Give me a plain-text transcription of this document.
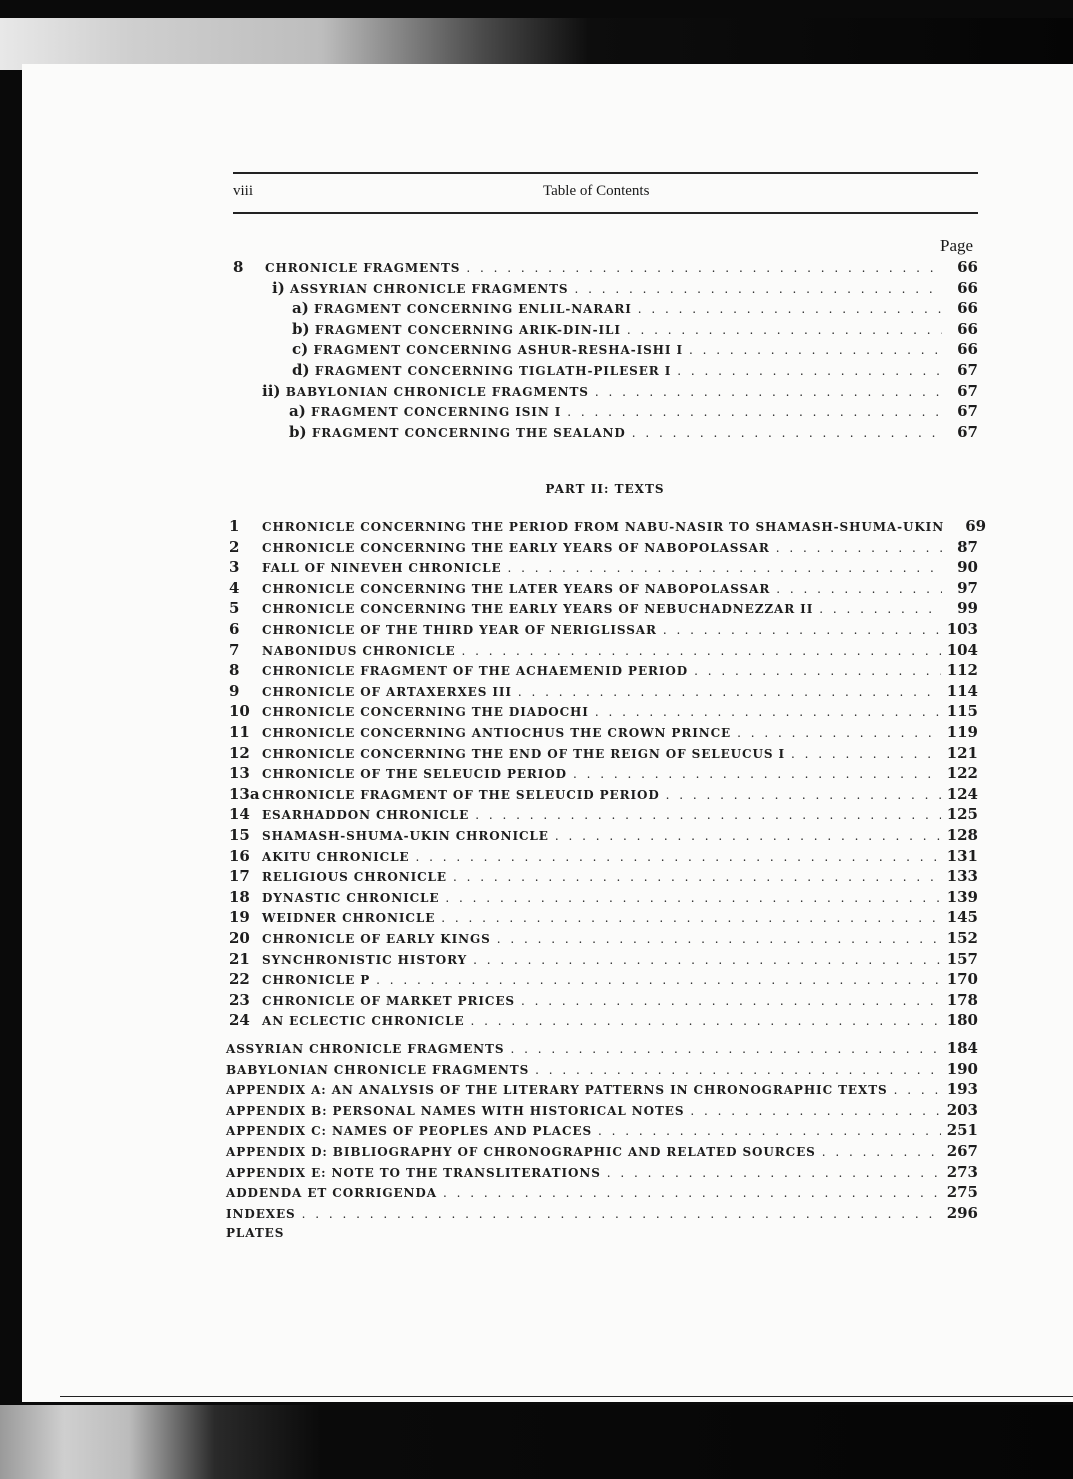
viii	Table of Contents
Page
PART II: TEXTS
8	CHRONICLE FRAGMENTS . . .	66
i) ASSYRIAN CHRONICLE FRAGMENTS . . .	66
a) FRAGMENT CONCERNING ENLIL-NARARI . . .	66
b) FRAGMENT CONCERNING ARIK-DIN-ILI . . .	66
c) FRAGMENT CONCERNING ASHUR-RESHA-ISHI I . . .	66
d) FRAGMENT CONCERNING TIGLATH-PILESER I . . .	67
ii) BABYLONIAN CHRONICLE FRAGMENTS . . .	67
a) FRAGMENT CONCERNING ISIN I . . .	67
b) FRAGMENT CONCERNING THE SEALAND . . .	67
1	CHRONICLE CONCERNING THE PERIOD FROM NABU-NASIR TO SHAMASH-SHUMA-UKIN	69
2	CHRONICLE CONCERNING THE EARLY YEARS OF NABOPOLASSAR . . .	87
3	FALL OF NINEVEH CHRONICLE . . .	90
4	CHRONICLE CONCERNING THE LATER YEARS OF NABOPOLASSAR . . .	97
5	CHRONICLE CONCERNING THE EARLY YEARS OF NEBUCHADNEZZAR II . . .	99
6	CHRONICLE OF THE THIRD YEAR OF NERIGLISSAR . . .	103
7	NABONIDUS CHRONICLE . . .	104
8	CHRONICLE FRAGMENT OF THE ACHAEMENID PERIOD . . .	112
9	CHRONICLE OF ARTAXERXES III . . .	114
10	CHRONICLE CONCERNING THE DIADOCHI . . .	115
11	CHRONICLE CONCERNING ANTIOCHUS THE CROWN PRINCE . . .	119
12	CHRONICLE CONCERNING THE END OF THE REIGN OF SELEUCUS I . . .	121
13	CHRONICLE OF THE SELEUCID PERIOD . . .	122
13a CHRONICLE FRAGMENT OF THE SELEUCID PERIOD . . .	124
14	ESARHADDON CHRONICLE . . .	125
15	SHAMASH-SHUMA-UKIN CHRONICLE . . .	128
16	AKITU CHRONICLE . . .	131
17	RELIGIOUS CHRONICLE . . .	133
18	DYNASTIC CHRONICLE . . .	139
19	WEIDNER CHRONICLE . . .	145
20	CHRONICLE OF EARLY KINGS . . .	152
21	SYNCHRONISTIC HISTORY . . .	157
22	CHRONICLE P . . .	170
23	CHRONICLE OF MARKET PRICES . . .	178
24	AN ECLECTIC CHRONICLE . . .	180
ASSYRIAN CHRONICLE FRAGMENTS . . .	184
BABYLONIAN CHRONICLE FRAGMENTS . . .	190
APPENDIX A: AN ANALYSIS OF THE LITERARY PATTERNS IN CHRONOGRAPHIC TEXTS . . .	193
APPENDIX B: PERSONAL NAMES WITH HISTORICAL NOTES . . .	203
APPENDIX C: NAMES OF PEOPLES AND PLACES . . .	251
APPENDIX D: BIBLIOGRAPHY OF CHRONOGRAPHIC AND RELATED SOURCES . . .	267
APPENDIX E: NOTE TO THE TRANSLITERATIONS . . .	273
ADDENDA ET CORRIGENDA . . .	275
INDEXES . . .	296
PLATES
